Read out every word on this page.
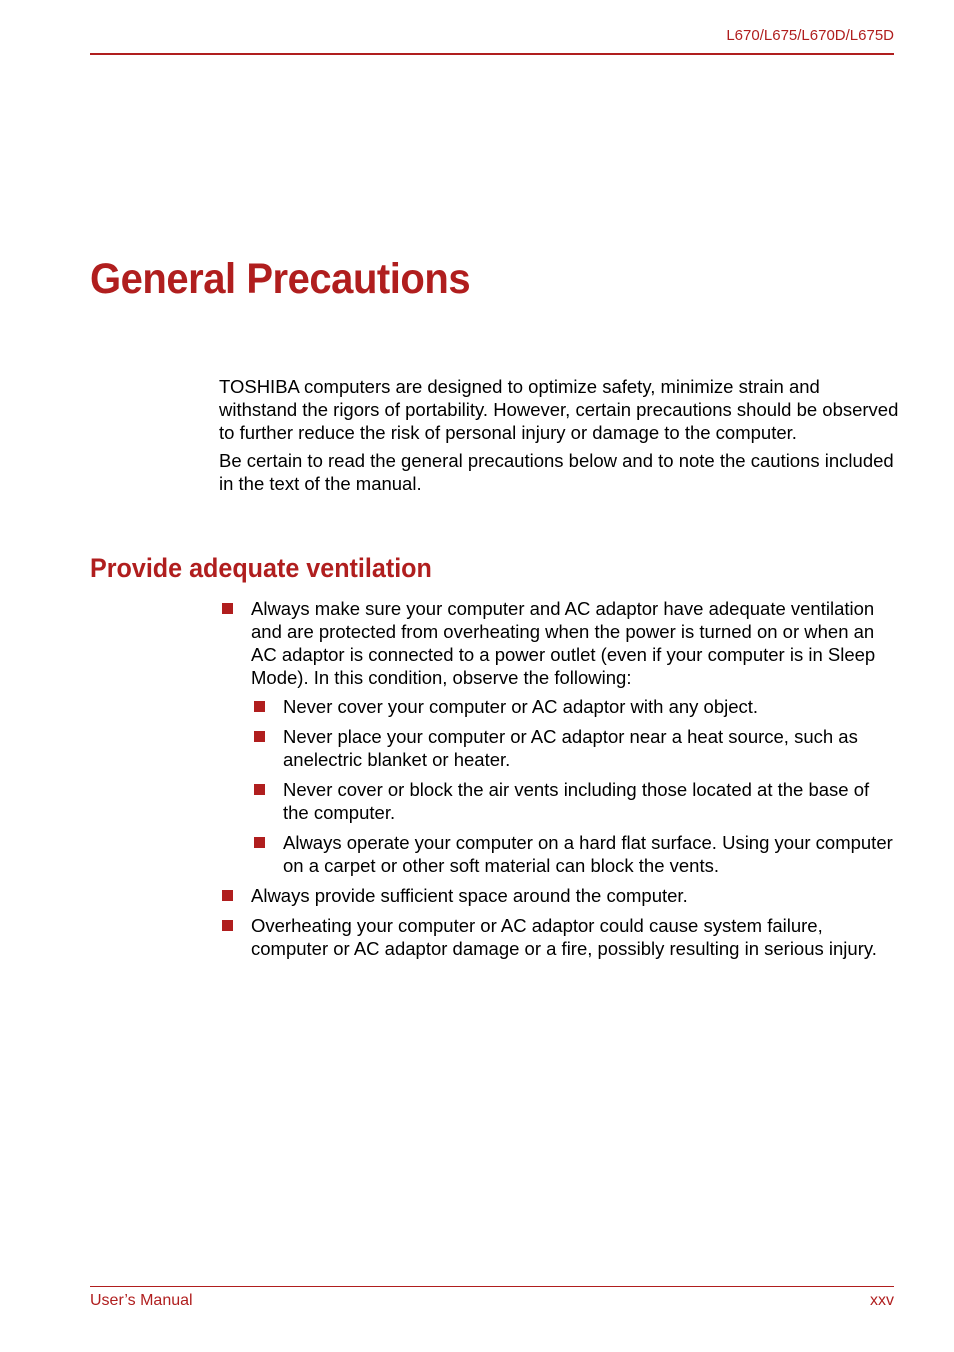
L670/L675/L670D/L675D
General Precautions

TOSHIBA computers are designed to optimize safety, minimize strain and withstand the rigors of portability. However, certain precautions should be observed to further reduce the risk of personal injury or damage to the computer.

Be certain to read the general precautions below and to note the cautions included in the text of the manual.

Provide adequate ventilation
Always make sure your computer and AC adaptor have adequate ventilation and are protected from overheating when the power is turned on or when an AC adaptor is connected to a power outlet (even if your computer is in Sleep Mode). In this condition, observe the following:
Never cover your computer or AC adaptor with any object.
Never place your computer or AC adaptor near a heat source, such as anelectric blanket or heater.
Never cover or block the air vents including those located at the base of the computer.
Always operate your computer on a hard flat surface. Using your computer on a carpet or other soft material can block the vents.
Always provide sufficient space around the computer.
Overheating your computer or AC adaptor could cause system failure, computer or AC adaptor damage or a fire, possibly resulting in serious injury.
User’s Manual	xxv
